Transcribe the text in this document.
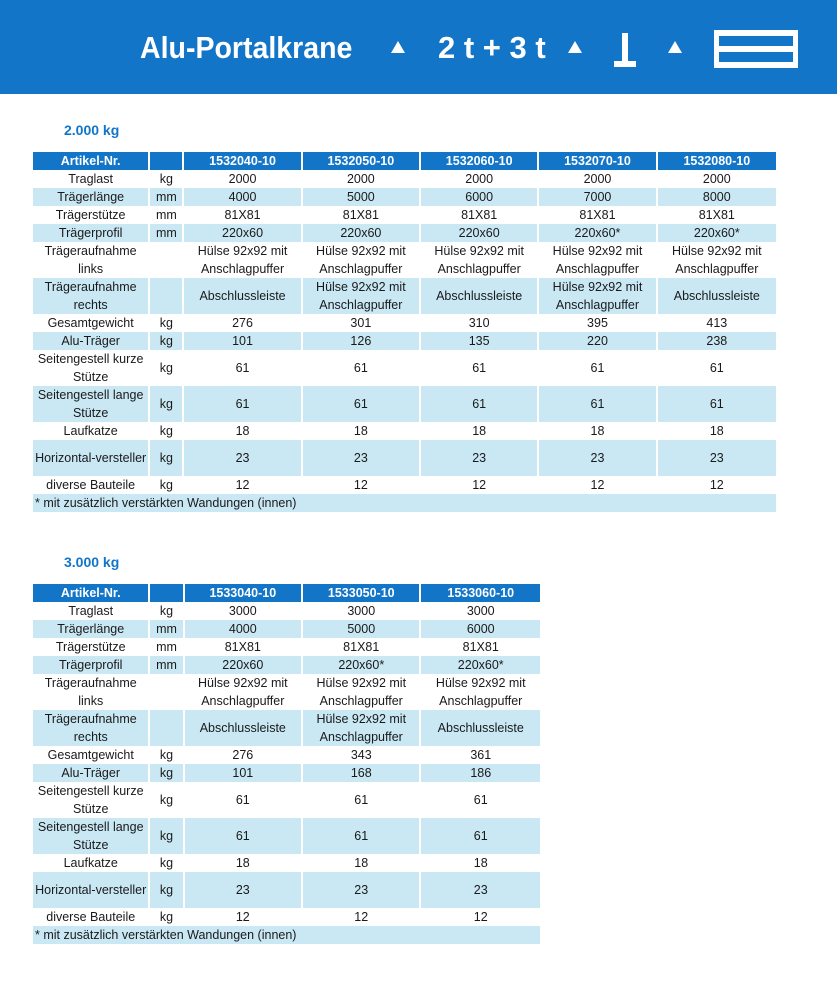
Alu-Portalkrane	2 t + 3 t
2.000 kg
Artikel-Nr.		1532040-10	1532050-10	1532060-10	1532070-10	1532080-10
Traglast	kg	2000	2000	2000	2000	2000
Trägerlänge	mm	4000	5000	6000	7000	8000
Trägerstütze	mm	81X81	81X81	81X81	81X81	81X81
Trägerprofil	mm	220x60	220x60	220x60	220x60*	220x60*
Trägeraufnahme links		Hülse 92x92 mit Anschlagpuffer	Hülse 92x92 mit Anschlagpuffer	Hülse 92x92 mit Anschlagpuffer	Hülse 92x92 mit Anschlagpuffer	Hülse 92x92 mit Anschlagpuffer
Trägeraufnahme rechts		Abschlussleiste	Hülse 92x92 mit Anschlagpuffer	Abschlussleiste	Hülse 92x92 mit Anschlagpuffer	Abschlussleiste
Gesamtgewicht	kg	276	301	310	395	413
Alu-Träger	kg	101	126	135	220	238
Seitengestell kurze Stütze	kg	61	61	61	61	61
Seitengestell lange Stütze	kg	61	61	61	61	61
Laufkatze	kg	18	18	18	18	18
Horizontal-versteller	kg	23	23	23	23	23
diverse Bauteile	kg	12	12	12	12	12
* mit zusätzlich verstärkten Wandungen (innen)						
3.000 kg
Artikel-Nr.		1533040-10	1533050-10	1533060-10
Traglast	kg	3000	3000	3000
Trägerlänge	mm	4000	5000	6000
Trägerstütze	mm	81X81	81X81	81X81
Trägerprofil	mm	220x60	220x60*	220x60*
Trägeraufnahme links		Hülse 92x92 mit Anschlagpuffer	Hülse 92x92 mit Anschlagpuffer	Hülse 92x92 mit Anschlagpuffer
Trägeraufnahme rechts		Abschlussleiste	Hülse 92x92 mit Anschlagpuffer	Abschlussleiste
Gesamtgewicht	kg	276	343	361
Alu-Träger	kg	101	168	186
Seitengestell kurze Stütze	kg	61	61	61
Seitengestell lange Stütze	kg	61	61	61
Laufkatze	kg	18	18	18
Horizontal-versteller	kg	23	23	23
diverse Bauteile	kg	12	12	12
* mit zusätzlich verstärkten Wandungen (innen)				
